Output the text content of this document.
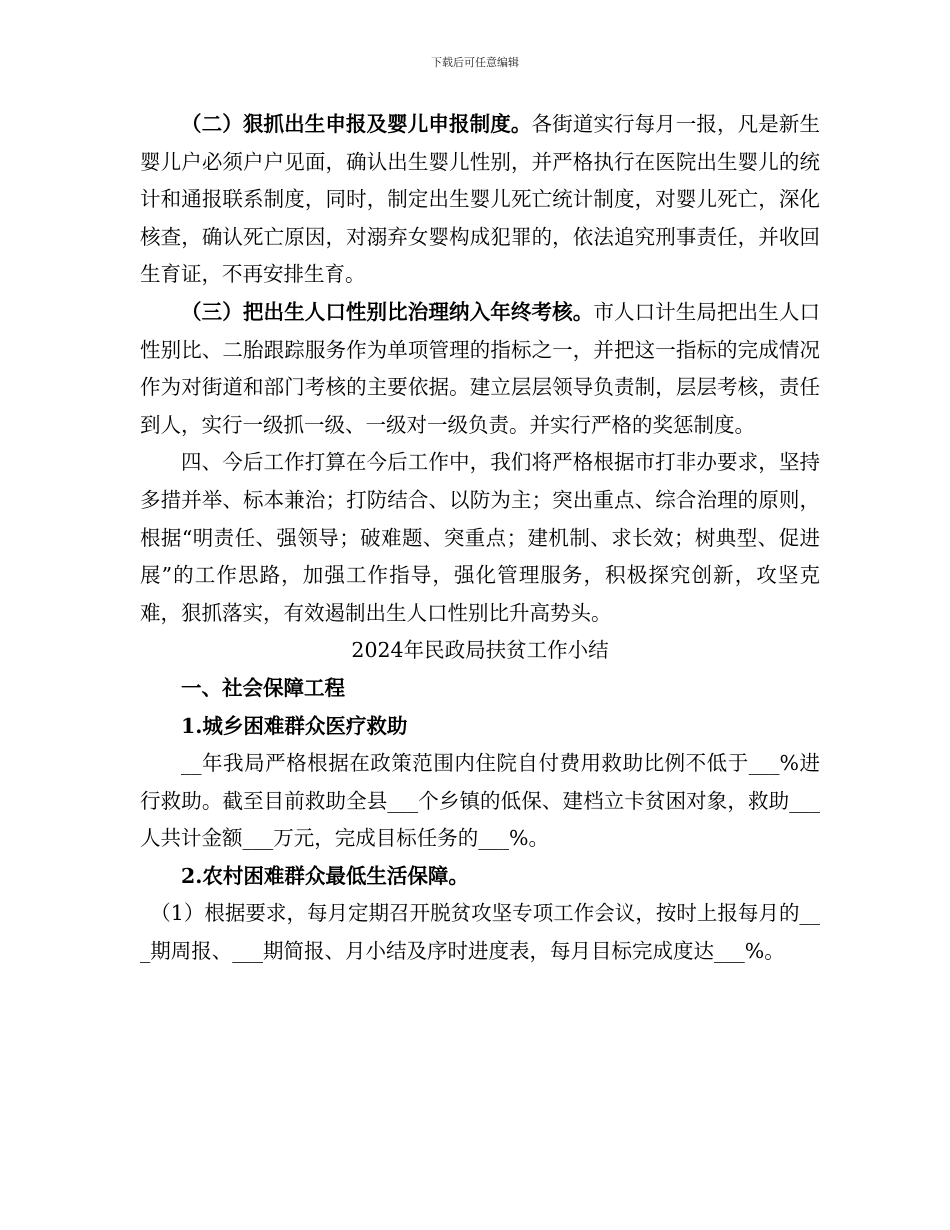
下载后可任意编辑

（二）狠抓出生申报及婴儿申报制度。各街道实行每月一报，凡是新生婴儿户必须户户见面，确认出生婴儿性别，并严格执行在医院出生婴儿的统计和通报联系制度，同时，制定出生婴儿死亡统计制度，对婴儿死亡，深化核查，确认死亡原因，对溺弃女婴构成犯罪的，依法追究刑事责任，并收回生育证，不再安排生育。

（三）把出生人口性别比治理纳入年终考核。市人口计生局把出生人口性别比、二胎跟踪服务作为单项管理的指标之一，并把这一指标的完成情况作为对街道和部门考核的主要依据。建立层层领导负责制，层层考核，责任到人，实行一级抓一级、一级对一级负责。并实行严格的奖惩制度。

四、今后工作打算在今后工作中，我们将严格根据市打非办要求，坚持多措并举、标本兼治；打防结合、以防为主；突出重点、综合治理的原则，根据“明责任、强领导；破难题、突重点；建机制、求长效；树典型、促进展”的工作思路，加强工作指导，强化管理服务，积极探究创新，攻坚克难，狠抓落实，有效遏制出生人口性别比升高势头。

2024年民政局扶贫工作小结

一、社会保障工程

1.城乡困难群众医疗救助

__年我局严格根据在政策范围内住院自付费用救助比例不低于___%进行救助。截至目前救助全县___个乡镇的低保、建档立卡贫困对象，救助___人共计金额___万元，完成目标任务的___%。

2.农村困难群众最低生活保障。

（1）根据要求，每月定期召开脱贫攻坚专项工作会议，按时上报每月的___期周报、___期简报、月小结及序时进度表，每月目标完成度达___%。
